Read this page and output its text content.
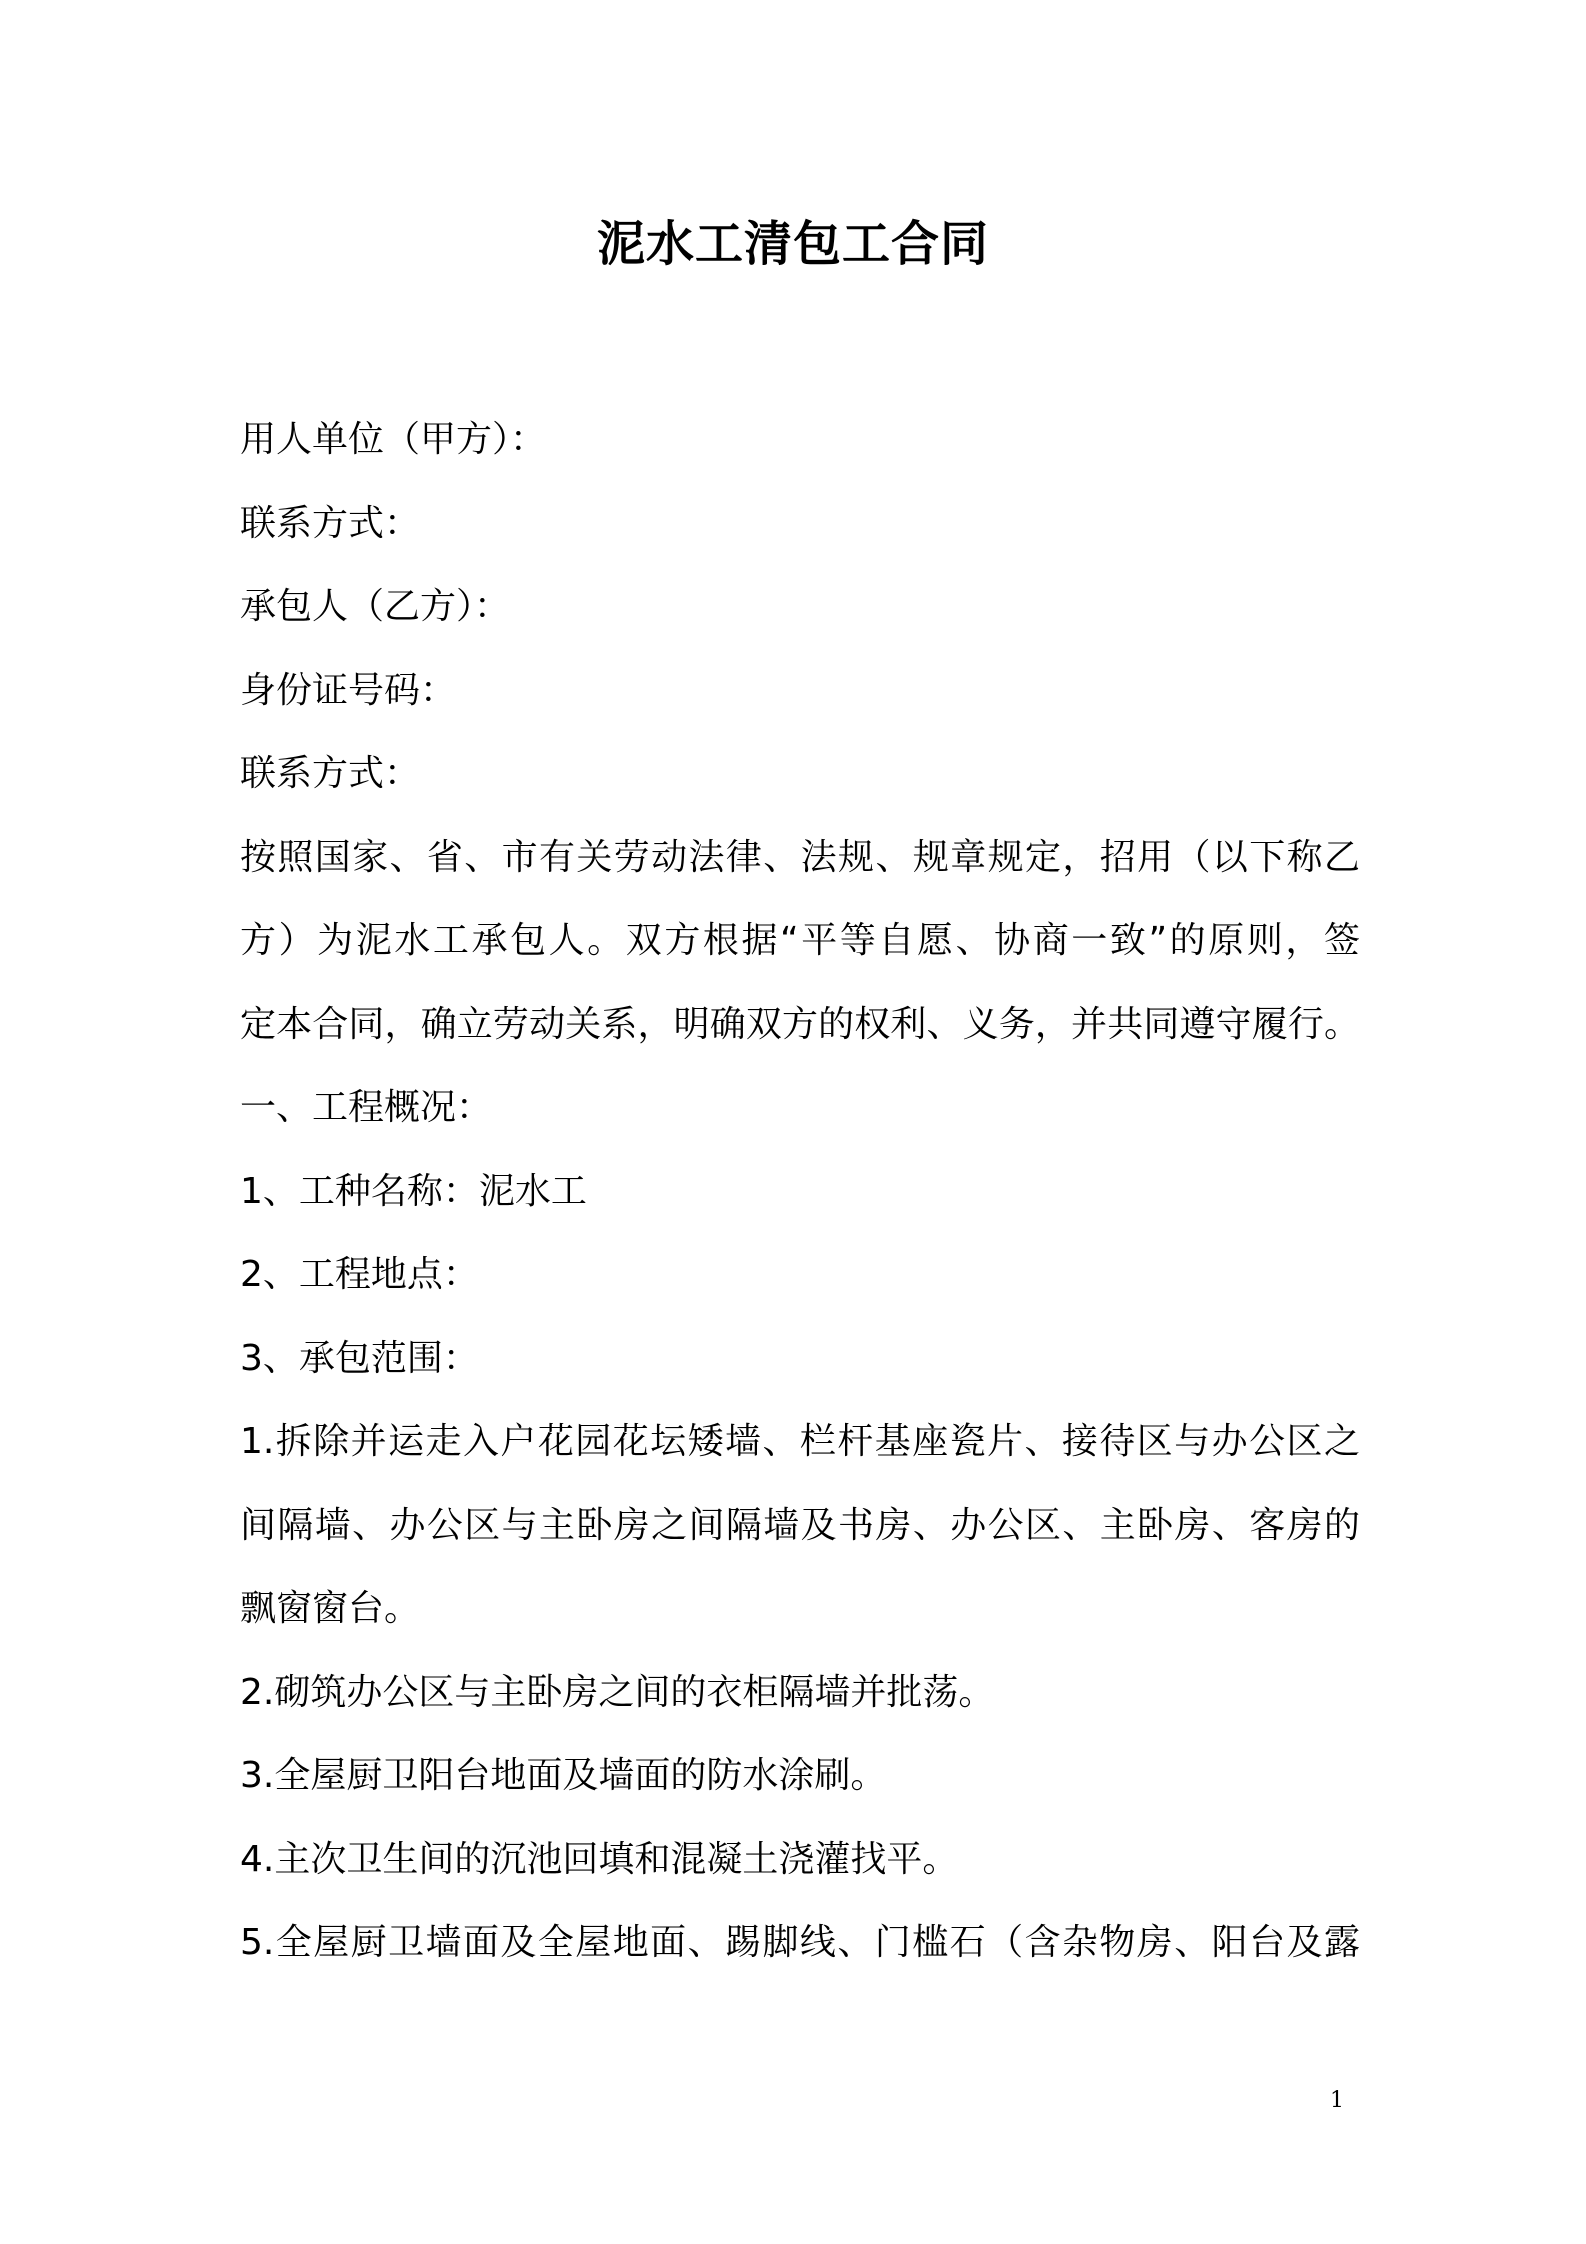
泥水工清包工合同
用人单位（甲方）：
联系方式：
承包人（乙方）：
身份证号码：
联系方式：
按照国家、省、市有关劳动法律、法规、规章规定，招用（以下称乙
方）为泥水工承包人。双方根据“平等自愿、协商一致”的原则，签
定本合同，确立劳动关系，明确双方的权利、义务，并共同遵守履行。
一、工程概况：
1、工种名称：泥水工
2、工程地点：
3、承包范围：
1.拆除并运走入户花园花坛矮墙、栏杆基座瓷片、接待区与办公区之
间隔墙、办公区与主卧房之间隔墙及书房、办公区、主卧房、客房的
飘窗窗台。
2.砌筑办公区与主卧房之间的衣柜隔墙并批荡。
3.全屋厨卫阳台地面及墙面的防水涂刷。
4.主次卫生间的沉池回填和混凝土浇灌找平。
5.全屋厨卫墙面及全屋地面、踢脚线、门槛石（含杂物房、阳台及露
1
